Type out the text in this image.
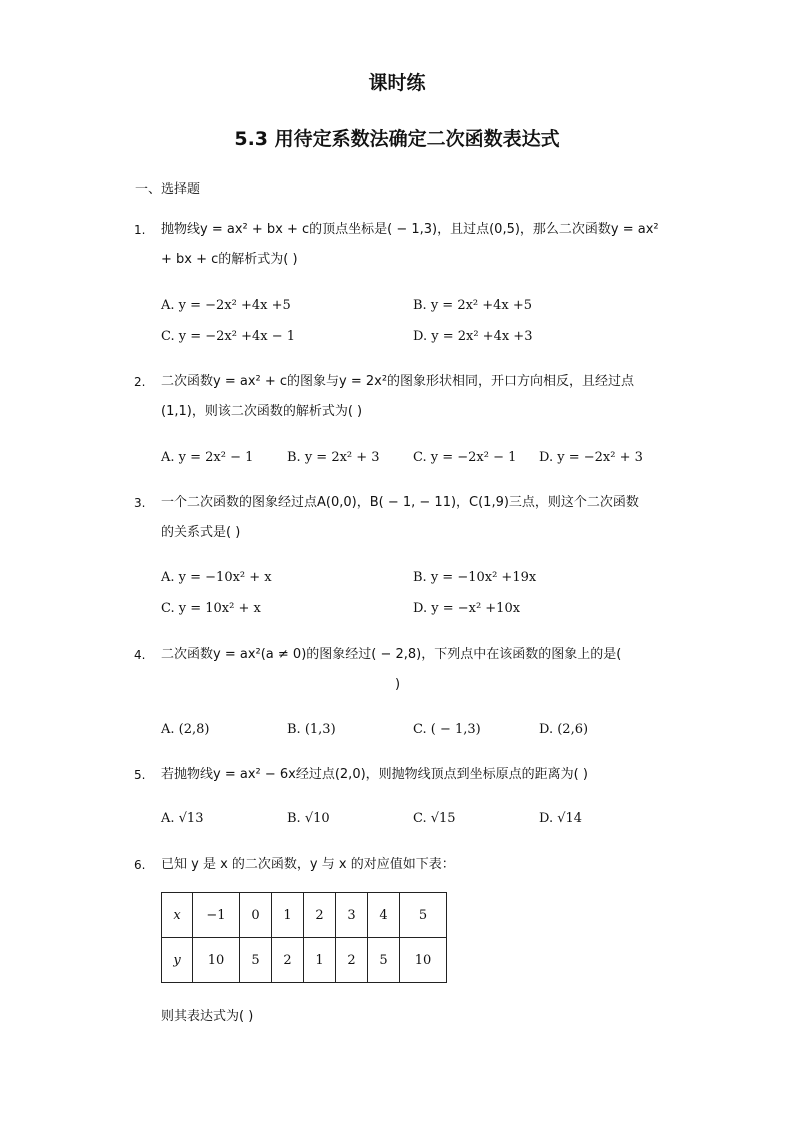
课时练
5.3 用待定系数法确定二次函数表达式
一、选择题
1.	抛物线y = ax² + bx + c的顶点坐标是( − 1,3)，且过点(0,5)，那么二次函数y = ax²
+ bx + c的解析式为( )
A. y = −2x² +4x +5	B. y = 2x² +4x +5
C. y = −2x² +4x − 1	D. y = 2x² +4x +3
2.	二次函数y = ax² + c的图象与y = 2x²的图象形状相同，开口方向相反，且经过点
(1,1)，则该二次函数的解析式为( )
A. y = 2x² − 1	B. y = 2x² + 3	C. y = −2x² − 1 D. y = −2x² + 3
3.	一个二次函数的图象经过点A(0,0)，B( − 1, − 11)，C(1,9)三点，则这个二次函数
的关系式是( )
A. y = −10x² + x	B. y = −10x² +19x
C. y = 10x² + x	D. y = −x² +10x
4.	二次函数y = ax²(a ≠ 0)的图象经过( − 2,8)，下列点中在该函数的图象上的是(
)
A. (2,8)	B. (1,3)	C. ( − 1,3)	D. (2,6)
5.	若抛物线y = ax² − 6x经过点(2,0)，则抛物线顶点到坐标原点的距离为( )
A. √13	B. √10	C. √15	D. √14
6.	已知 y 是 x 的二次函数，y 与 x 的对应值如下表：
x	−1	0	1	2	3	4	5
y	10	5	2	1	2	5	10
则其表达式为( )
